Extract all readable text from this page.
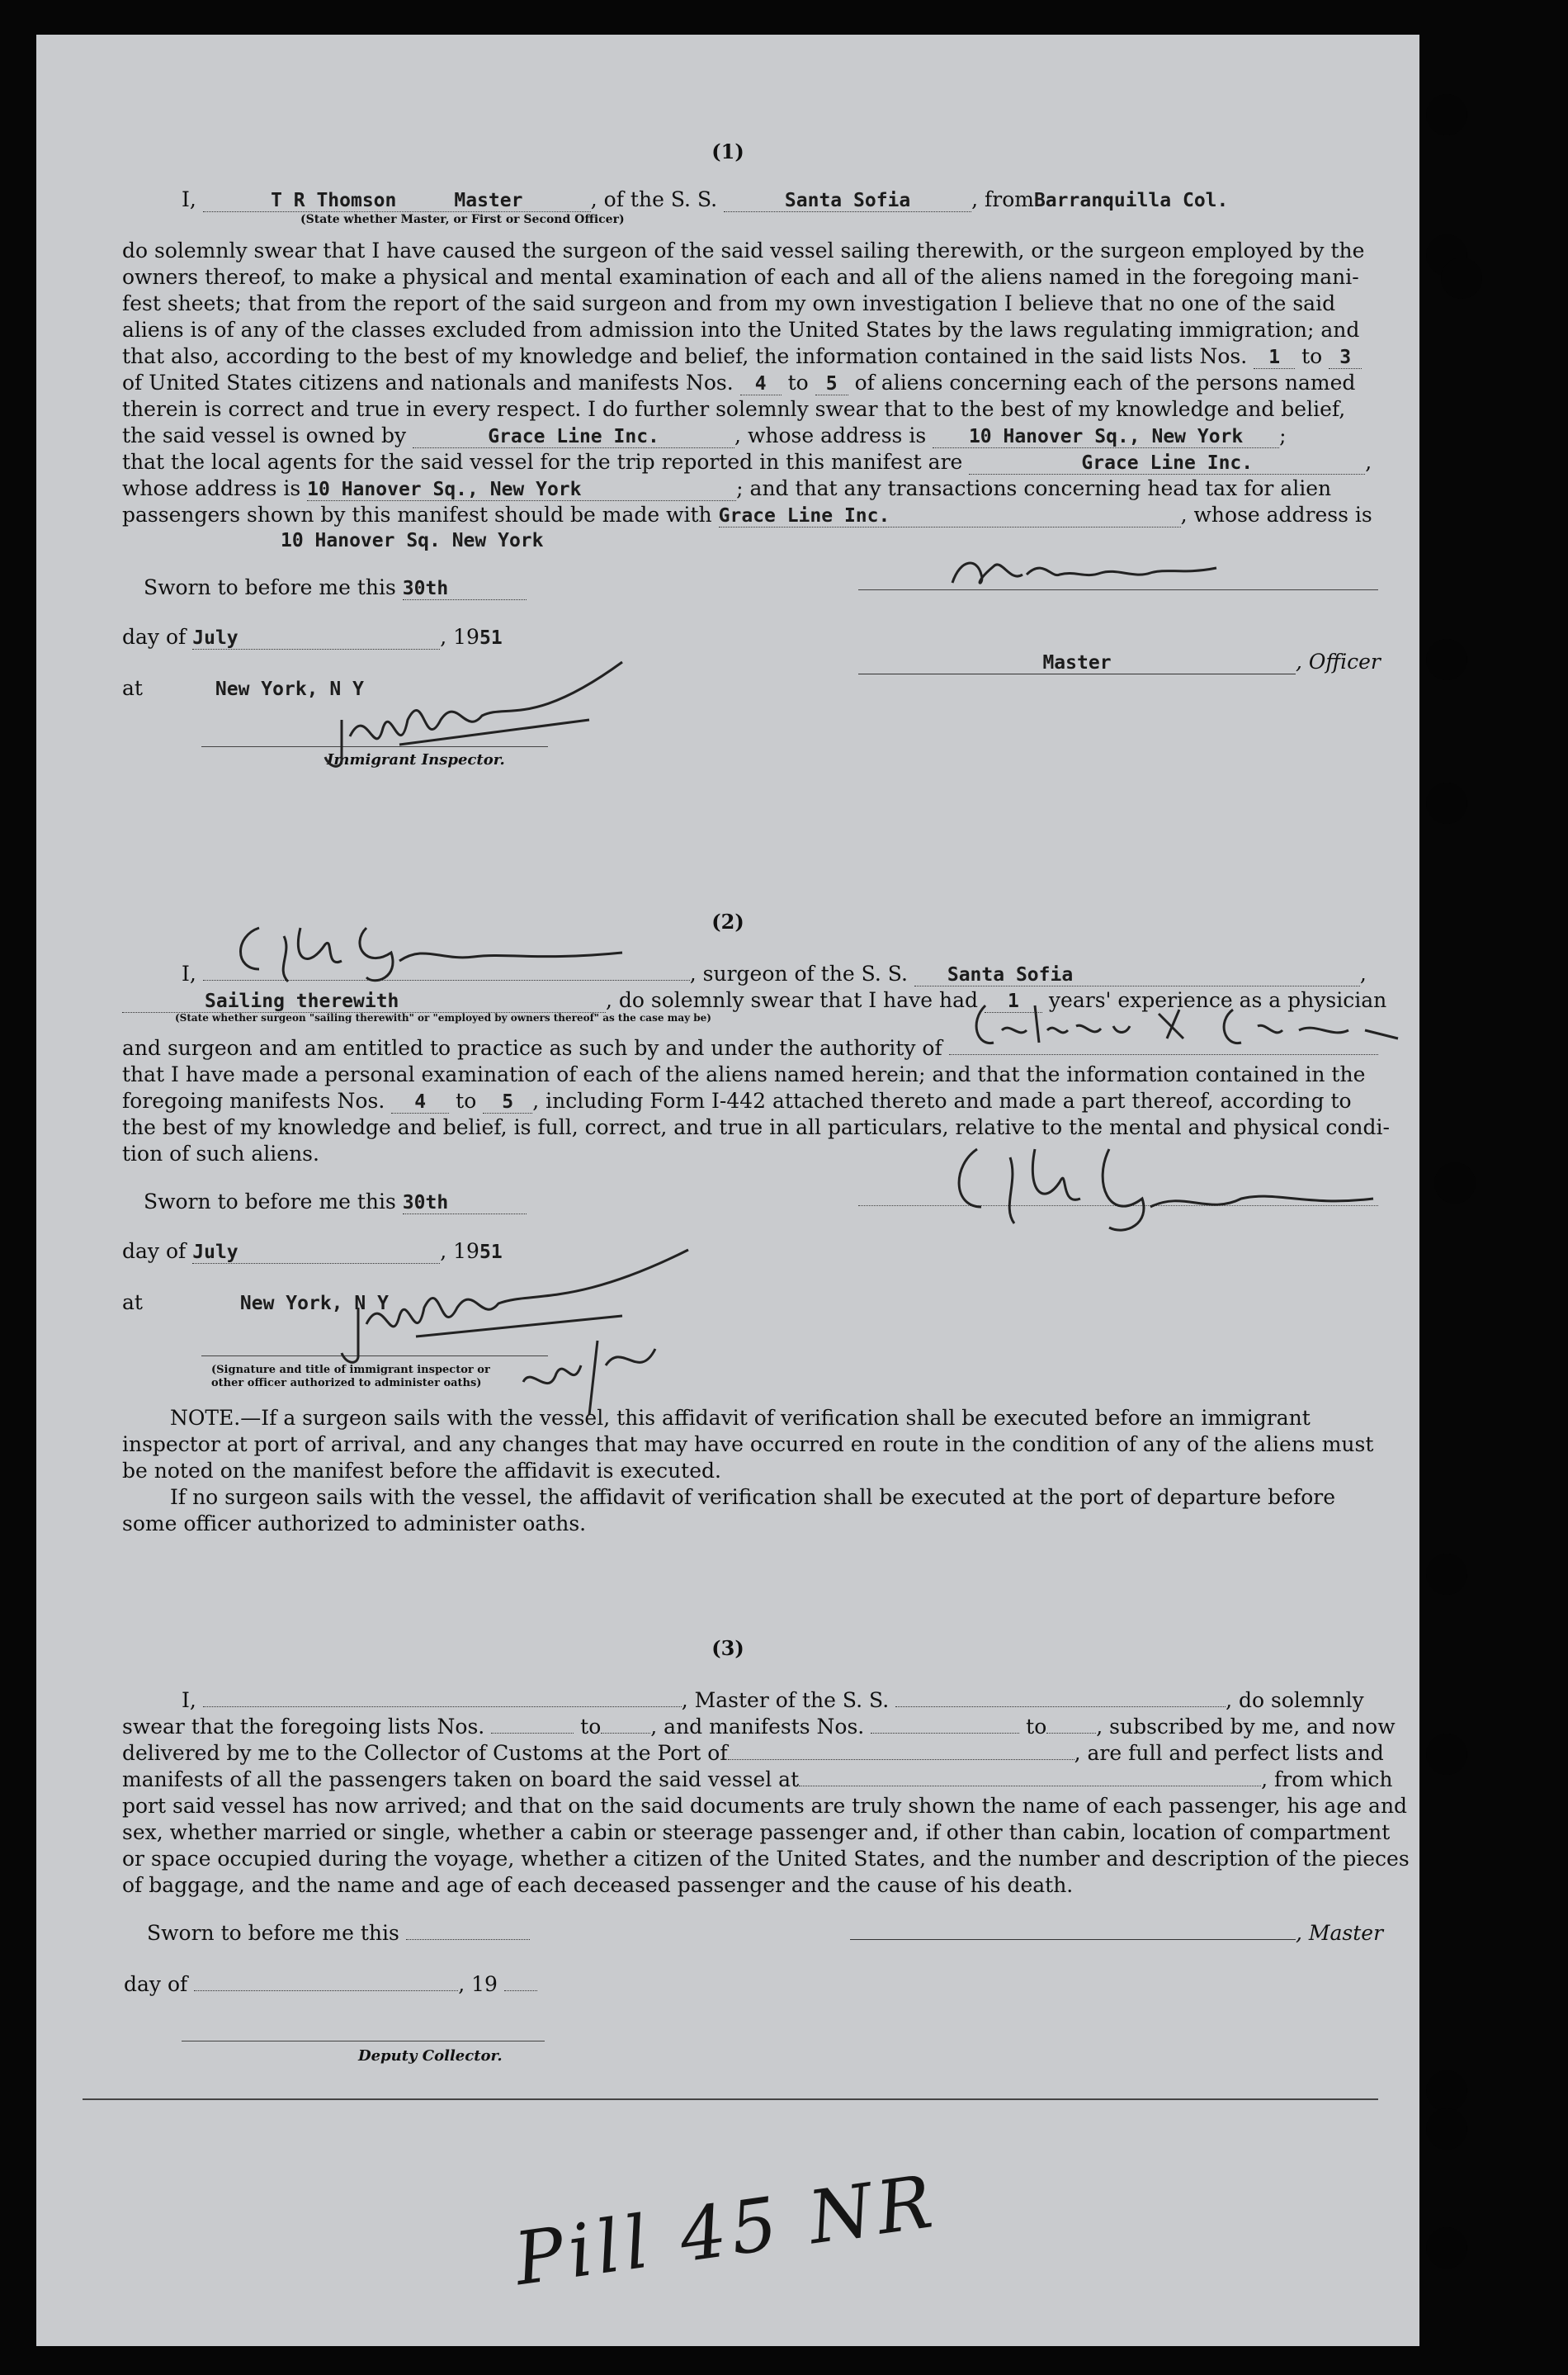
(1)
I,	T R Thomson	Master	, of the S. S.	Santa Sofia	, fromBarranquilla Col.
(State whether Master, or First or Second Officer)
do solemnly swear that I have caused the surgeon of the said vessel sailing therewith, or the surgeon employed by the
owners thereof, to make a physical and mental examination of each and all of the aliens named in the foregoing mani-
fest sheets; that from the report of the said surgeon and from my own investigation I believe that no one of the said
aliens is of any of the classes excluded from admission into the United States by the laws regulating immigration; and
that also, according to the best of my knowledge and belief, the information contained in the said lists Nos. 1 to 3
of United States citizens and nationals and manifests Nos. 4 to 5 of aliens concerning each of the persons named
therein is correct and true in every respect. I do further solemnly swear that to the best of my knowledge and belief,
the said vessel is owned by	Grace Line Inc.	, whose address is 10 Hanover Sq., New York ;
that the local agents for the said vessel for the trip reported in this manifest are	Grace Line Inc.	,
whose address is 10 Hanover Sq., New York	; and that any transactions concerning head tax for alien
passengers shown by this manifest should be made with Grace Line Inc.	, whose address is
10 Hanover Sq. New York
Sworn to before me this 30th
day of July	, 1951
at	New York, N Y
Immigrant Inspector.
Master	, Officer
(2)
I,	, surgeon of the S. S. Santa Sofia	,
Sailing therewith	, do solemnly swear that I have had 1 years' experience as a physician
(State whether surgeon "sailing therewith" or "employed by owners thereof" as the case may be)
and surgeon and am entitled to practice as such by and under the authority of
that I have made a personal examination of each of the aliens named herein; and that the information contained in the
foregoing manifests Nos. 4 to 5 , including Form I-442 attached thereto and made a part thereof, according to
the best of my knowledge and belief, is full, correct, and true in all particulars, relative to the mental and physical condi-
tion of such aliens.
Sworn to before me this 30th
day of July	, 1951
at	New York, N Y
(Signature and title of immigrant inspector or
other officer authorized to administer oaths)
NOTE.—If a surgeon sails with the vessel, this affidavit of verification shall be executed before an immigrant
inspector at port of arrival, and any changes that may have occurred en route in the condition of any of the aliens must
be noted on the manifest before the affidavit is executed.
If no surgeon sails with the vessel, the affidavit of verification shall be executed at the port of departure before
some officer authorized to administer oaths.
(3)
I,	, Master of the S. S.	, do solemnly
swear that the foregoing lists Nos.	to , and manifests Nos.	to , subscribed by me, and now
delivered by me to the Collector of Customs at the Port of	, are full and perfect lists and
manifests of all the passengers taken on board the said vessel at	, from which
port said vessel has now arrived; and that on the said documents are truly shown the name of each passenger, his age and
sex, whether married or single, whether a cabin or steerage passenger and, if other than cabin, location of compartment
or space occupied during the voyage, whether a citizen of the United States, and the number and description of the pieces
of baggage, and the name and age of each deceased passenger and the cause of his death.
Sworn to before me this	, Master
day of	, 19
Deputy Collector.
Pill 45 NR
